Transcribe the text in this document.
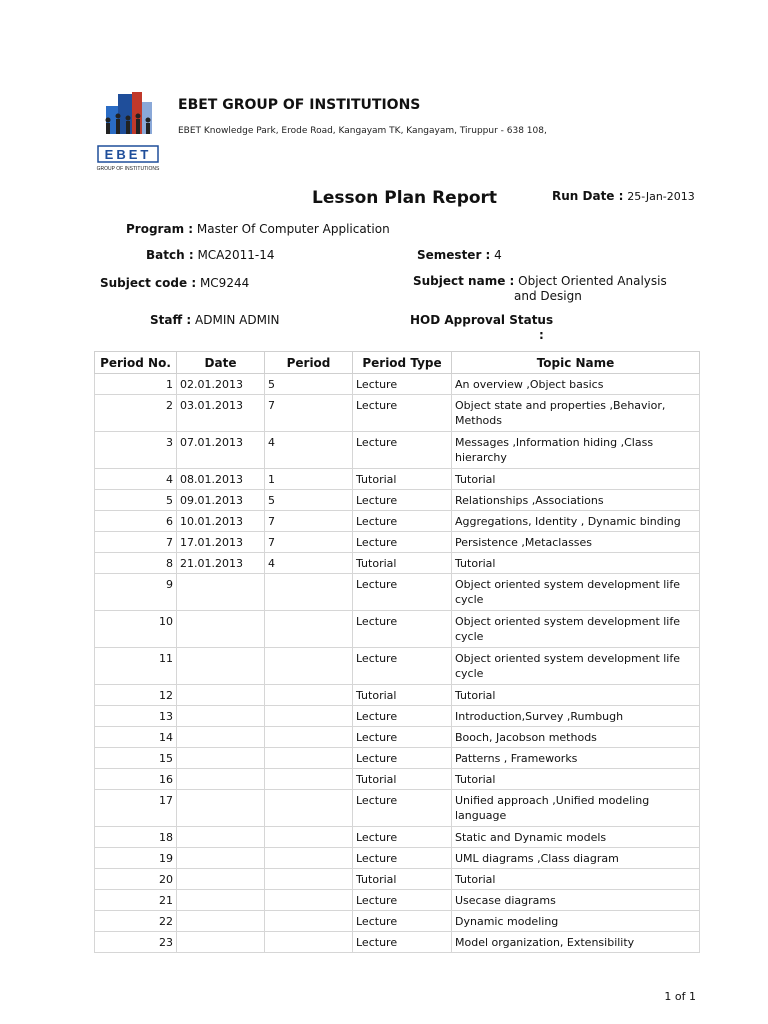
EBET
GROUP OF INSTITUTIONS
EBET GROUP OF INSTITUTIONS
EBET Knowledge Park, Erode Road, Kangayam TK, Kangayam, Tiruppur - 638 108,
Lesson Plan Report	Run Date : 25-Jan-2013
Program : Master Of Computer Application
Batch : MCA2011-14	Semester : 4
Subject code : MC9244	Subject name : Object Oriented Analysis
and Design
Staff : ADMIN ADMIN	HOD Approval Status
:
Period No.	Date	Period	Period Type	Topic Name
1	02.01.2013	5	Lecture	An overview ,Object basics
2	03.01.2013	7	Lecture	Object state and properties ,Behavior, Methods
3	07.01.2013	4	Lecture	Messages ,Information hiding ,Class hierarchy
4	08.01.2013	1	Tutorial	Tutorial
5	09.01.2013	5	Lecture	Relationships ,Associations
6	10.01.2013	7	Lecture	Aggregations, Identity , Dynamic binding
7	17.01.2013	7	Lecture	Persistence ,Metaclasses
8	21.01.2013	4	Tutorial	Tutorial
9			Lecture	Object oriented system development life cycle
10			Lecture	Object oriented system development life cycle
11			Lecture	Object oriented system development life cycle
12			Tutorial	Tutorial
13			Lecture	Introduction,Survey ,Rumbugh
14			Lecture	Booch, Jacobson methods
15			Lecture	Patterns , Frameworks
16			Tutorial	Tutorial
17			Lecture	Unified approach ,Unified modeling language
18			Lecture	Static and Dynamic models
19			Lecture	UML diagrams ,Class diagram
20			Tutorial	Tutorial
21			Lecture	Usecase diagrams
22			Lecture	Dynamic modeling
23			Lecture	Model organization, Extensibility
1 of 1
